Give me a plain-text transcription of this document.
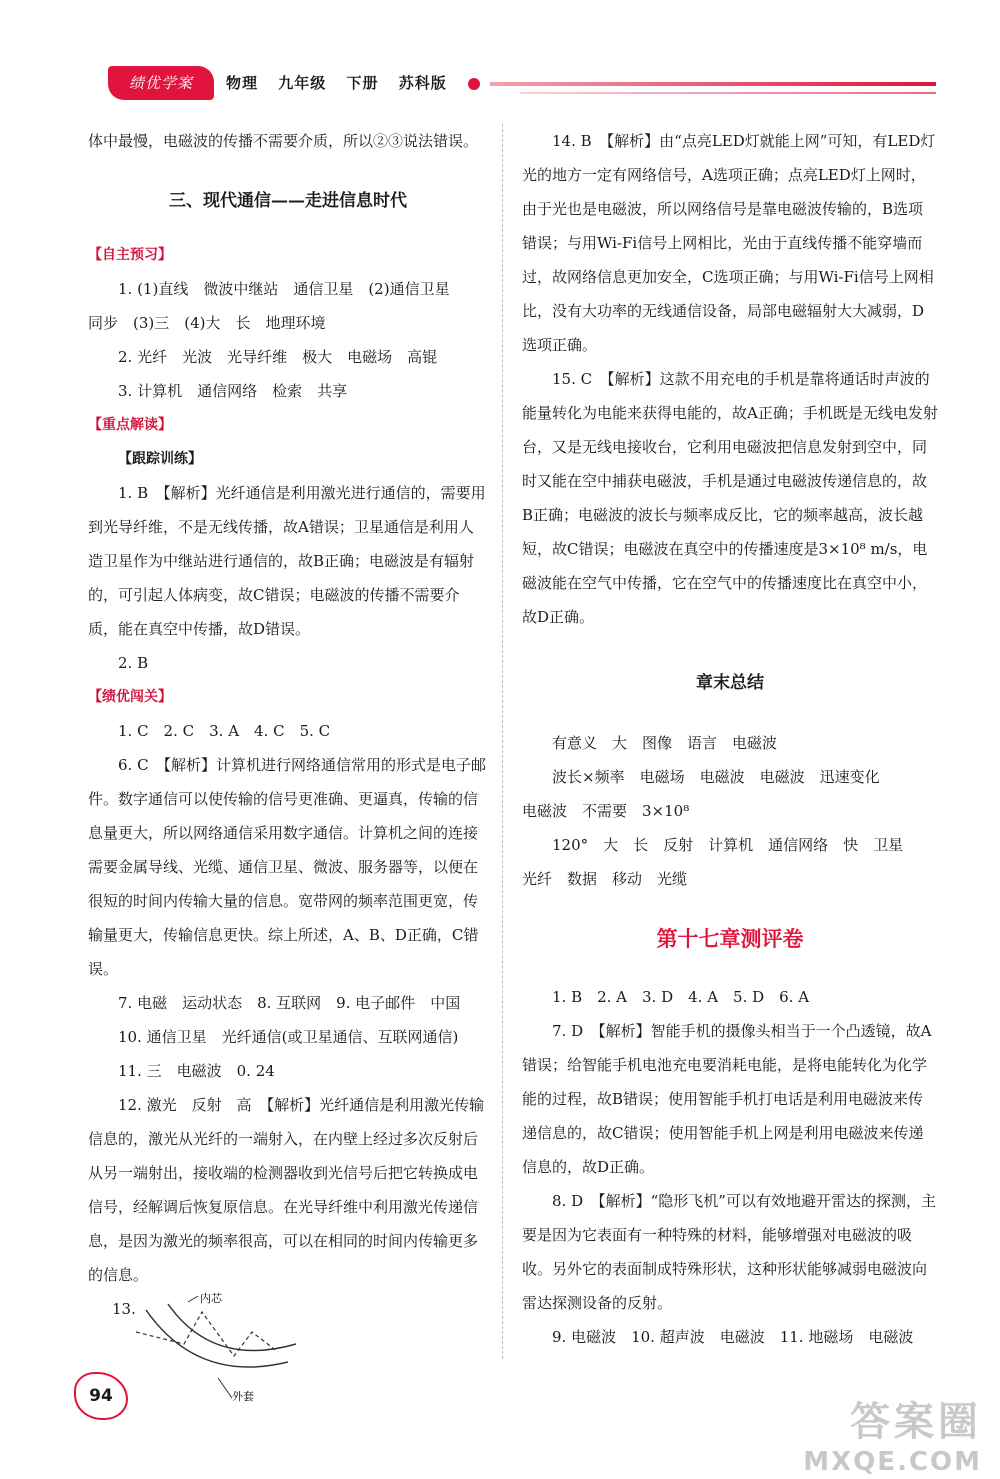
绩优学案	物理 九年级 下册 苏科版

体中最慢，电磁波的传播不需要介质，所以②③说法错误。

三、现代通信——走进信息时代
【自主预习】

1. (1)直线　微波中继站　通信卫星　(2)通信卫星

同步　(3)三　(4)大　长　地理环境

2. 光纤　光波　光导纤维　极大　电磁场　高锟

3. 计算机　通信网络　检索　共享

【重点解读】
【跟踪训练】

1. B　【解析】光纤通信是利用激光进行通信的，需要用到光导纤维，不是无线传播，故A错误；卫星通信是利用人造卫星作为中继站进行通信的，故B正确；电磁波是有辐射的，可引起人体病变，故C错误；电磁波的传播不需要介质，能在真空中传播，故D错误。

2. B

【绩优闯关】

1. C　2. C　3. A　4. C　5. C

6. C　【解析】计算机进行网络通信常用的形式是电子邮件。数字通信可以使传输的信号更准确、更逼真，传输的信息量更大，所以网络通信采用数字通信。计算机之间的连接需要金属导线、光缆、通信卫星、微波、服务器等，以便在很短的时间内传输大量的信息。宽带网的频率范围更宽，传输量更大，传输信息更快。综上所述，A、B、D正确，C错误。

7. 电磁　运动状态　8. 互联网　9. 电子邮件　中国

10. 通信卫星　光纤通信(或卫星通信、互联网通信)

11. 三　电磁波　0. 24

12. 激光　反射　高　【解析】光纤通信是利用激光传输信息的，激光从光纤的一端射入，在内壁上经过多次反射后从另一端射出，接收端的检测器收到光信号后把它转换成电信号，经解调后恢复原信息。在光导纤维中利用激光传递信息，是因为激光的频率很高，可以在相同的时间内传输更多的信息。

13.
内芯
外套

14. B　【解析】由“点亮LED灯就能上网”可知，有LED灯光的地方一定有网络信号，A选项正确；点亮LED灯上网时，由于光也是电磁波，所以网络信号是靠电磁波传输的，B选项错误；与用Wi-Fi信号上网相比，光由于直线传播不能穿墙而过，故网络信息更加安全，C选项正确；与用Wi-Fi信号上网相比，没有大功率的无线通信设备，局部电磁辐射大大减弱，D选项正确。

15. C　【解析】这款不用充电的手机是靠将通话时声波的能量转化为电能来获得电能的，故A正确；手机既是无线电发射台，又是无线电接收台，它利用电磁波把信息发射到空中，同时又能在空中捕获电磁波，手机是通过电磁波传递信息的，故B正确；电磁波的波长与频率成反比，它的频率越高，波长越短，故C错误；电磁波在真空中的传播速度是3×10⁸ m/s，电磁波能在空气中传播，它在空气中的传播速度比在真空中小，故D正确。

章末总结

有意义　大　图像　语言　电磁波

波长×频率　电磁场　电磁波　电磁波　迅速变化

电磁波　不需要　3×10⁸

120°　大　长　反射　计算机　通信网络　快　卫星

光纤　数据　移动　光缆

第十七章测评卷

1. B　2. A　3. D　4. A　5. D　6. A

7. D　【解析】智能手机的摄像头相当于一个凸透镜，故A错误；给智能手机电池充电要消耗电能，是将电能转化为化学能的过程，故B错误；使用智能手机打电话是利用电磁波来传递信息的，故C错误；使用智能手机上网是利用电磁波来传递信息的，故D正确。

8. D　【解析】“隐形飞机”可以有效地避开雷达的探测，主要是因为它表面有一种特殊的材料，能够增强对电磁波的吸收。另外它的表面制成特殊形状，这种形状能够减弱电磁波向雷达探测设备的反射。

9. 电磁波　10. 超声波　电磁波　11. 地磁场　电磁波

94
答案圈
MXQE.COM
